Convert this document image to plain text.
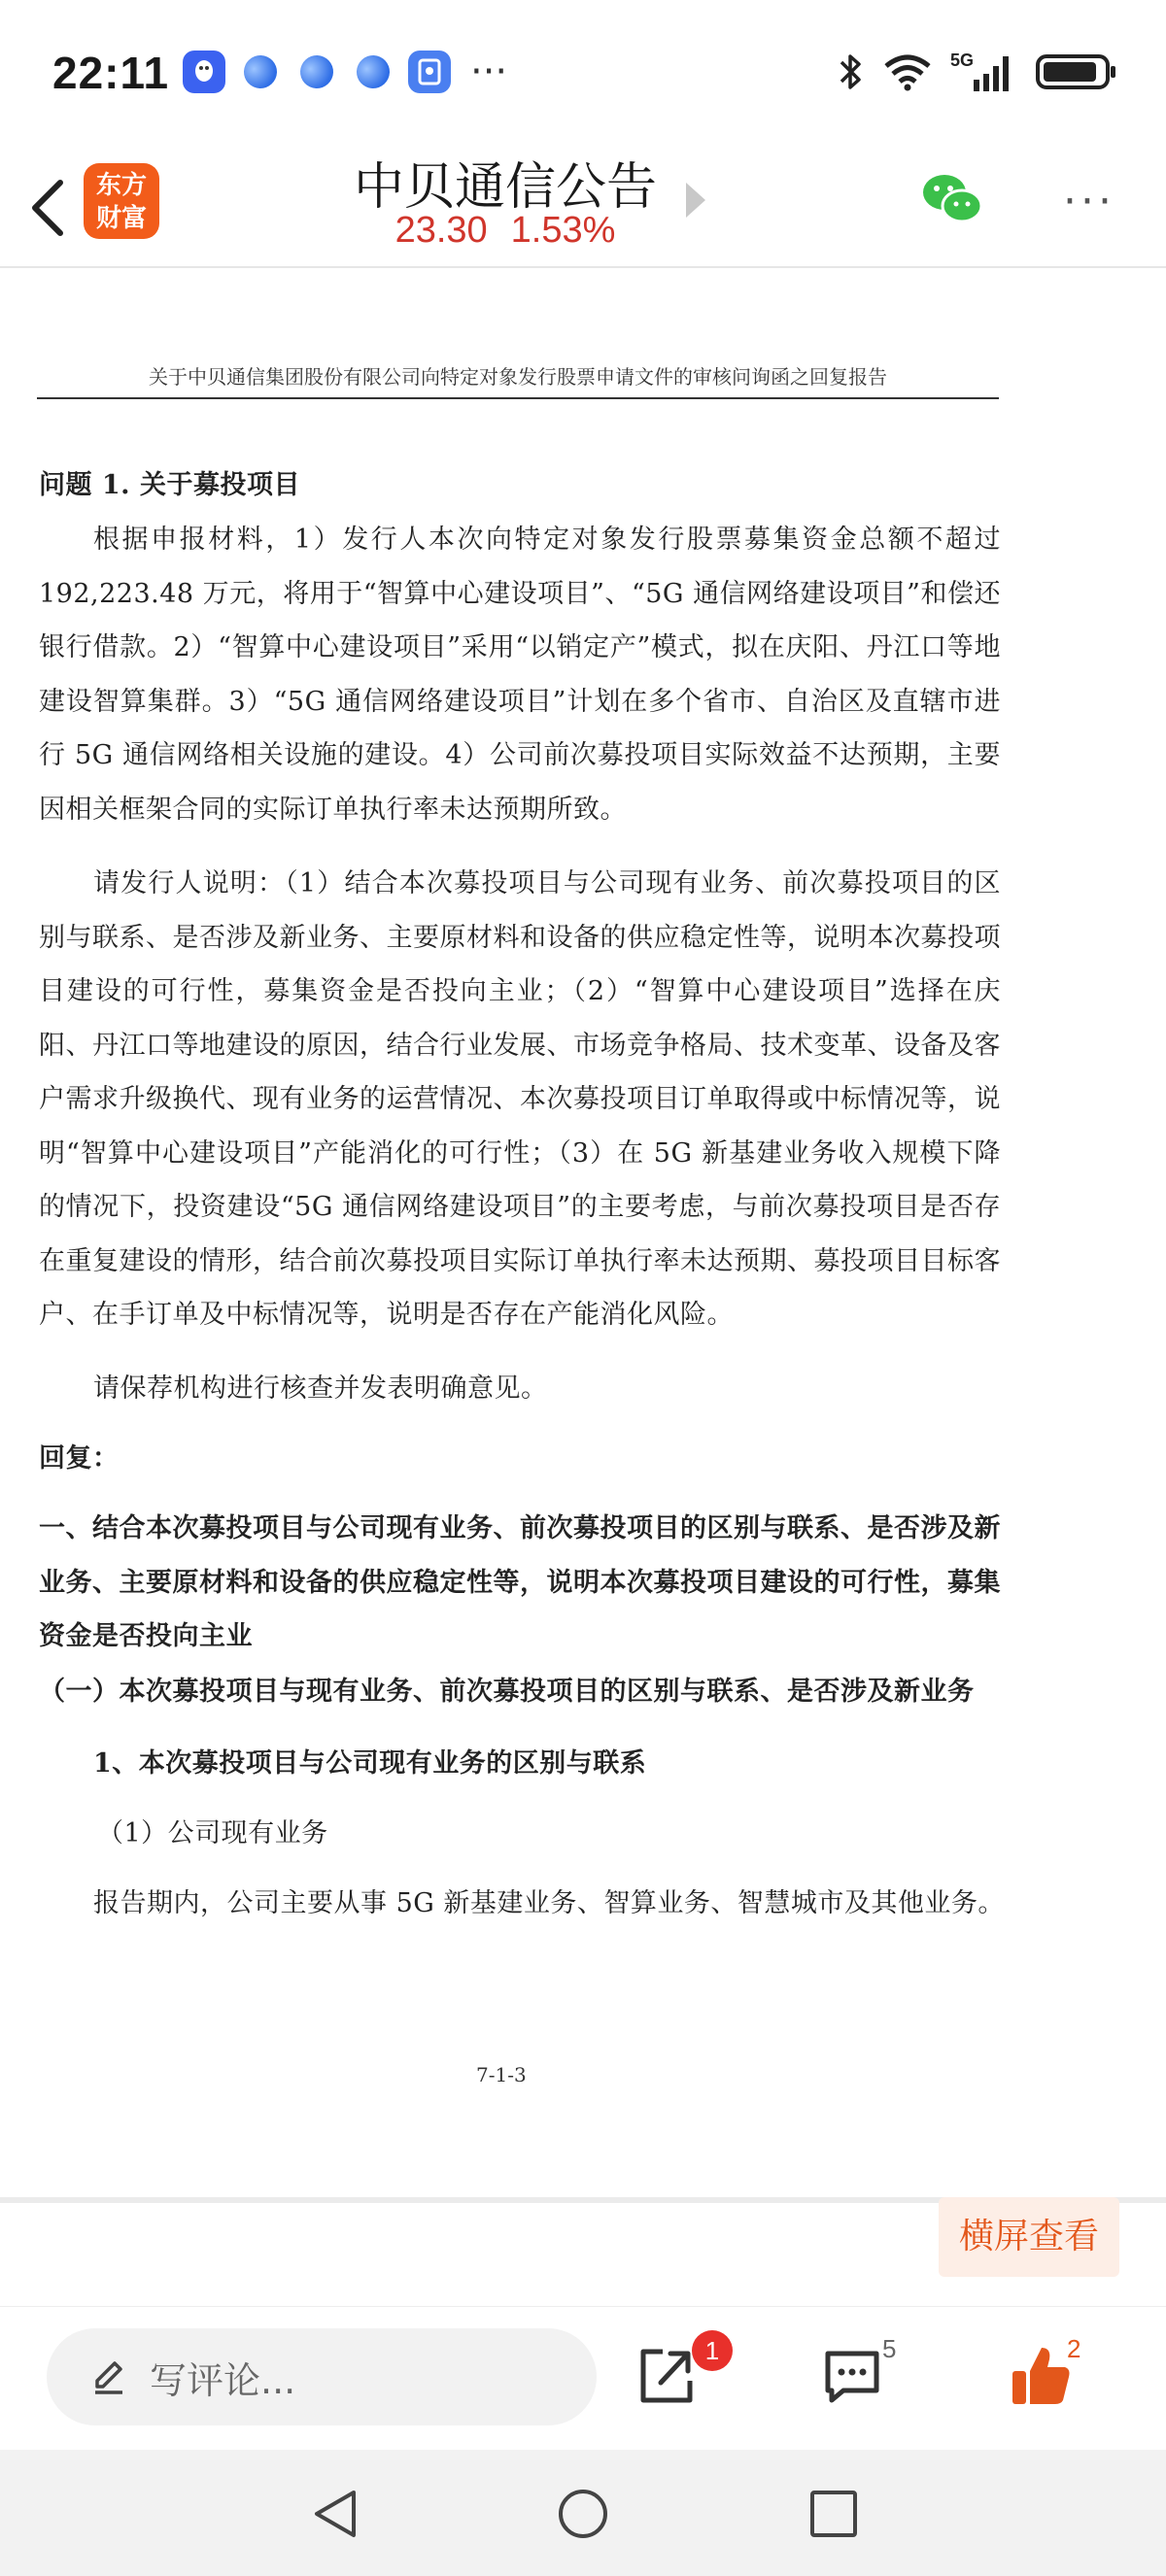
22:11	···	5G
东方
财富
中贝通信公告
23.30 1.53%
···
关于中贝通信集团股份有限公司向特定对象发行股票申请文件的审核问询函之回复报告
问题 1. 关于募投项目
根据申报材料，1）发行人本次向特定对象发行股票募集资金总额不超过 192,223.48 万元，将用于“智算中心建设项目”、“5G 通信网络建设项目”和偿还银行借款。2）“智算中心建设项目”采用“以销定产”模式，拟在庆阳、丹江口等地建设智算集群。3）“5G 通信网络建设项目”计划在多个省市、自治区及直辖市进行 5G 通信网络相关设施的建设。4）公司前次募投项目实际效益不达预期，主要因相关框架合同的实际订单执行率未达预期所致。
请发行人说明：（1）结合本次募投项目与公司现有业务、前次募投项目的区别与联系、是否涉及新业务、主要原材料和设备的供应稳定性等，说明本次募投项目建设的可行性，募集资金是否投向主业；（2）“智算中心建设项目”选择在庆阳、丹江口等地建设的原因，结合行业发展、市场竞争格局、技术变革、设备及客户需求升级换代、现有业务的运营情况、本次募投项目订单取得或中标情况等，说明“智算中心建设项目”产能消化的可行性；（3）在 5G 新基建业务收入规模下降的情况下，投资建设“5G 通信网络建设项目”的主要考虑，与前次募投项目是否存在重复建设的情形，结合前次募投项目实际订单执行率未达预期、募投项目目标客户、在手订单及中标情况等，说明是否存在产能消化风险。
请保荐机构进行核查并发表明确意见。
回复：
一、结合本次募投项目与公司现有业务、前次募投项目的区别与联系、是否涉及新业务、主要原材料和设备的供应稳定性等，说明本次募投项目建设的可行性，募集资金是否投向主业
（一）本次募投项目与现有业务、前次募投项目的区别与联系、是否涉及新业务
1、本次募投项目与公司现有业务的区别与联系
（1）公司现有业务
报告期内，公司主要从事 5G 新基建业务、智算业务、智慧城市及其他业务。
7-1-3
横屏查看
写评论...
1	5	2
